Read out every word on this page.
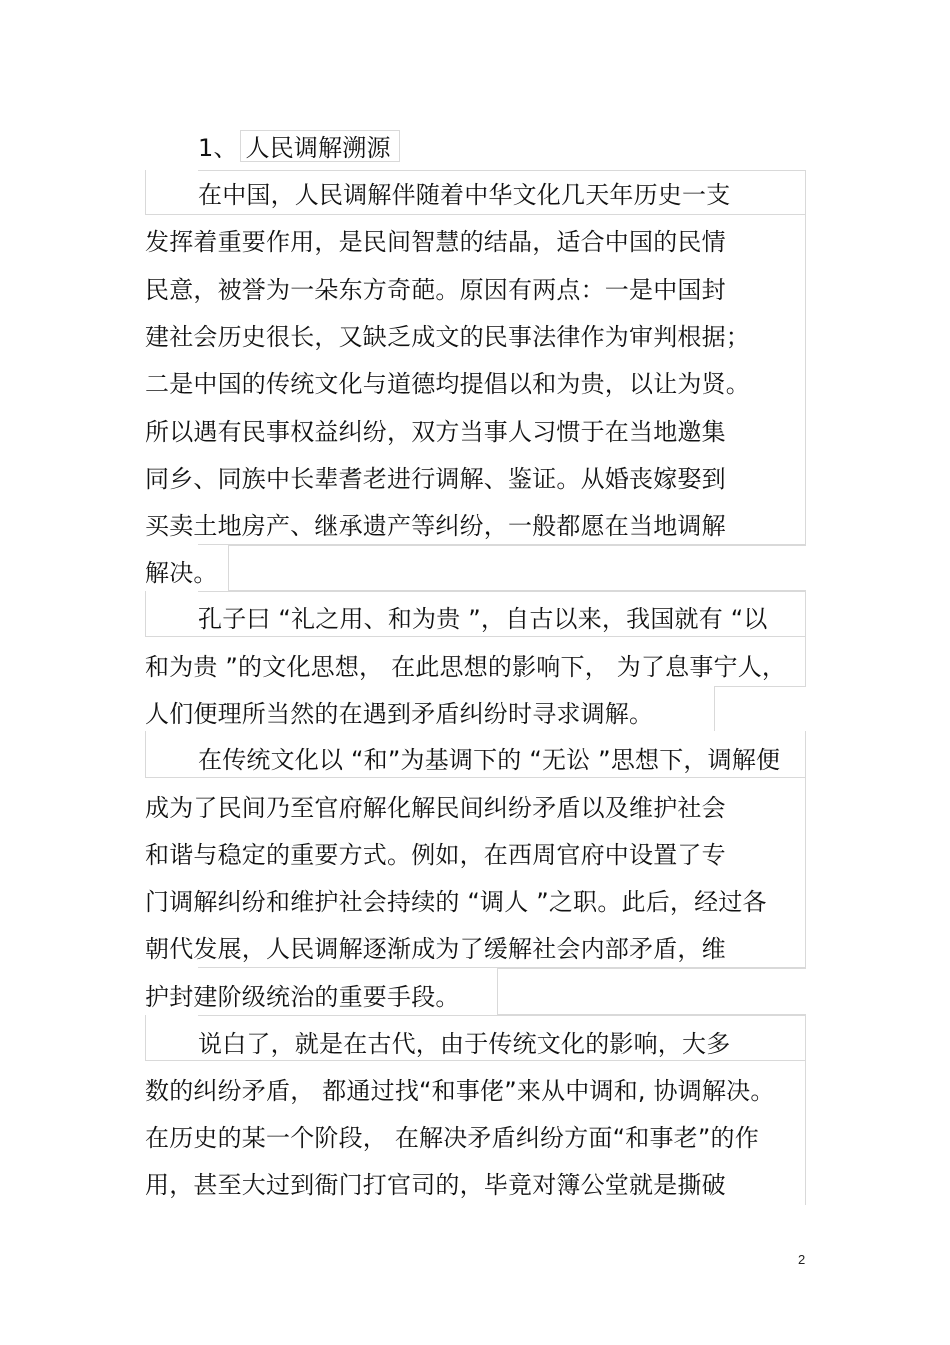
1、 人民调解溯源
在中国，人民调解伴随着中华文化几天年历史一支
发挥着重要作用，是民间智慧的结晶，适合中国的民情
民意，被誉为一朵东方奇葩。原因有两点：一是中国封
建社会历史很长，又缺乏成文的民事法律作为审判根据；
二是中国的传统文化与道德均提倡以和为贵，以让为贤。
所以遇有民事权益纠纷，双方当事人习惯于在当地邀集
同乡、同族中长辈耆老进行调解、鉴证。从婚丧嫁娶到
买卖土地房产、继承遗产等纠纷，一般都愿在当地调解
解决。
孔子曰 “礼之用、和为贵 ”，自古以来，我国就有 “以
和为贵 ”的文化思想， 在此思想的影响下， 为了息事宁人，
人们便理所当然的在遇到矛盾纠纷时寻求调解。
在传统文化以 “和”为基调下的 “无讼 ”思想下，调解便
成为了民间乃至官府解化解民间纠纷矛盾以及维护社会
和谐与稳定的重要方式。例如，在西周官府中设置了专
门调解纠纷和维护社会持续的 “调人 ”之职。此后，经过各
朝代发展，人民调解逐渐成为了缓解社会内部矛盾，维
护封建阶级统治的重要手段。
说白了，就是在古代，由于传统文化的影响，大多
数的纠纷矛盾， 都通过找“和事佬”来从中调和, 协调解决。
在历史的某一个阶段， 在解决矛盾纠纷方面“和事老”的作
用，甚至大过到衙门打官司的，毕竟对簿公堂就是撕破
2
